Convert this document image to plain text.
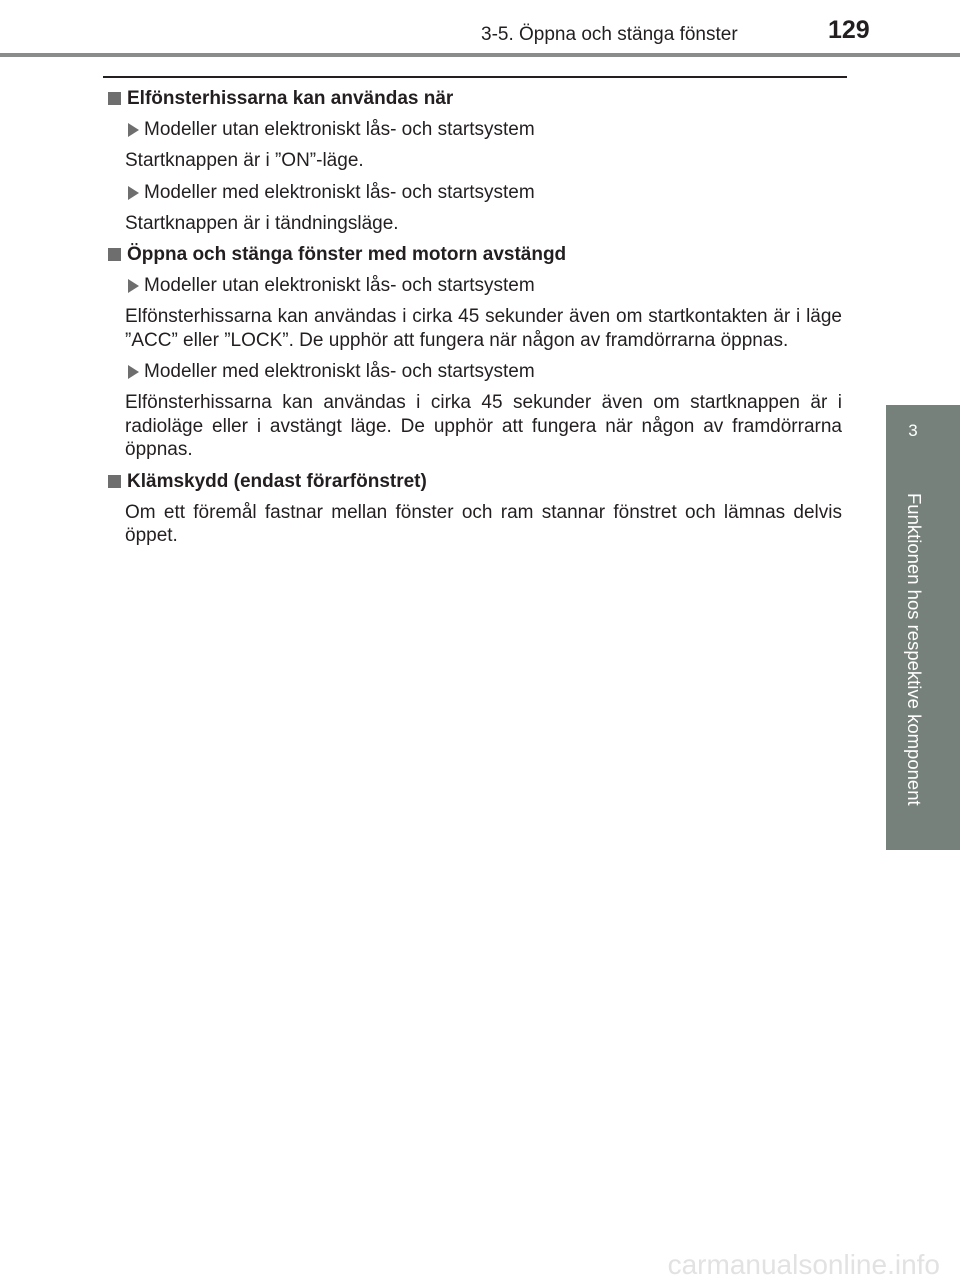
3-5. Öppna och stänga fönster	129
3
Funktionen hos respektive komponent
Elfönsterhissarna kan användas när
Modeller utan elektroniskt lås- och startsystem
Startknappen är i ”ON”-läge.
Modeller med elektroniskt lås- och startsystem
Startknappen är i tändningsläge.
Öppna och stänga fönster med motorn avstängd
Modeller utan elektroniskt lås- och startsystem
Elfönsterhissarna kan användas i cirka 45 sekunder även om startkontakten är i läge ”ACC” eller ”LOCK”. De upphör att fungera när någon av framdörrarna öppnas.
Modeller med elektroniskt lås- och startsystem
Elfönsterhissarna kan användas i cirka 45 sekunder även om startknappen är i radioläge eller i avstängt läge. De upphör att fungera när någon av framdörrarna öppnas.
Klämskydd (endast förarfönstret)
Om ett föremål fastnar mellan fönster och ram stannar fönstret och lämnas delvis öppet.
carmanualsonline.info
